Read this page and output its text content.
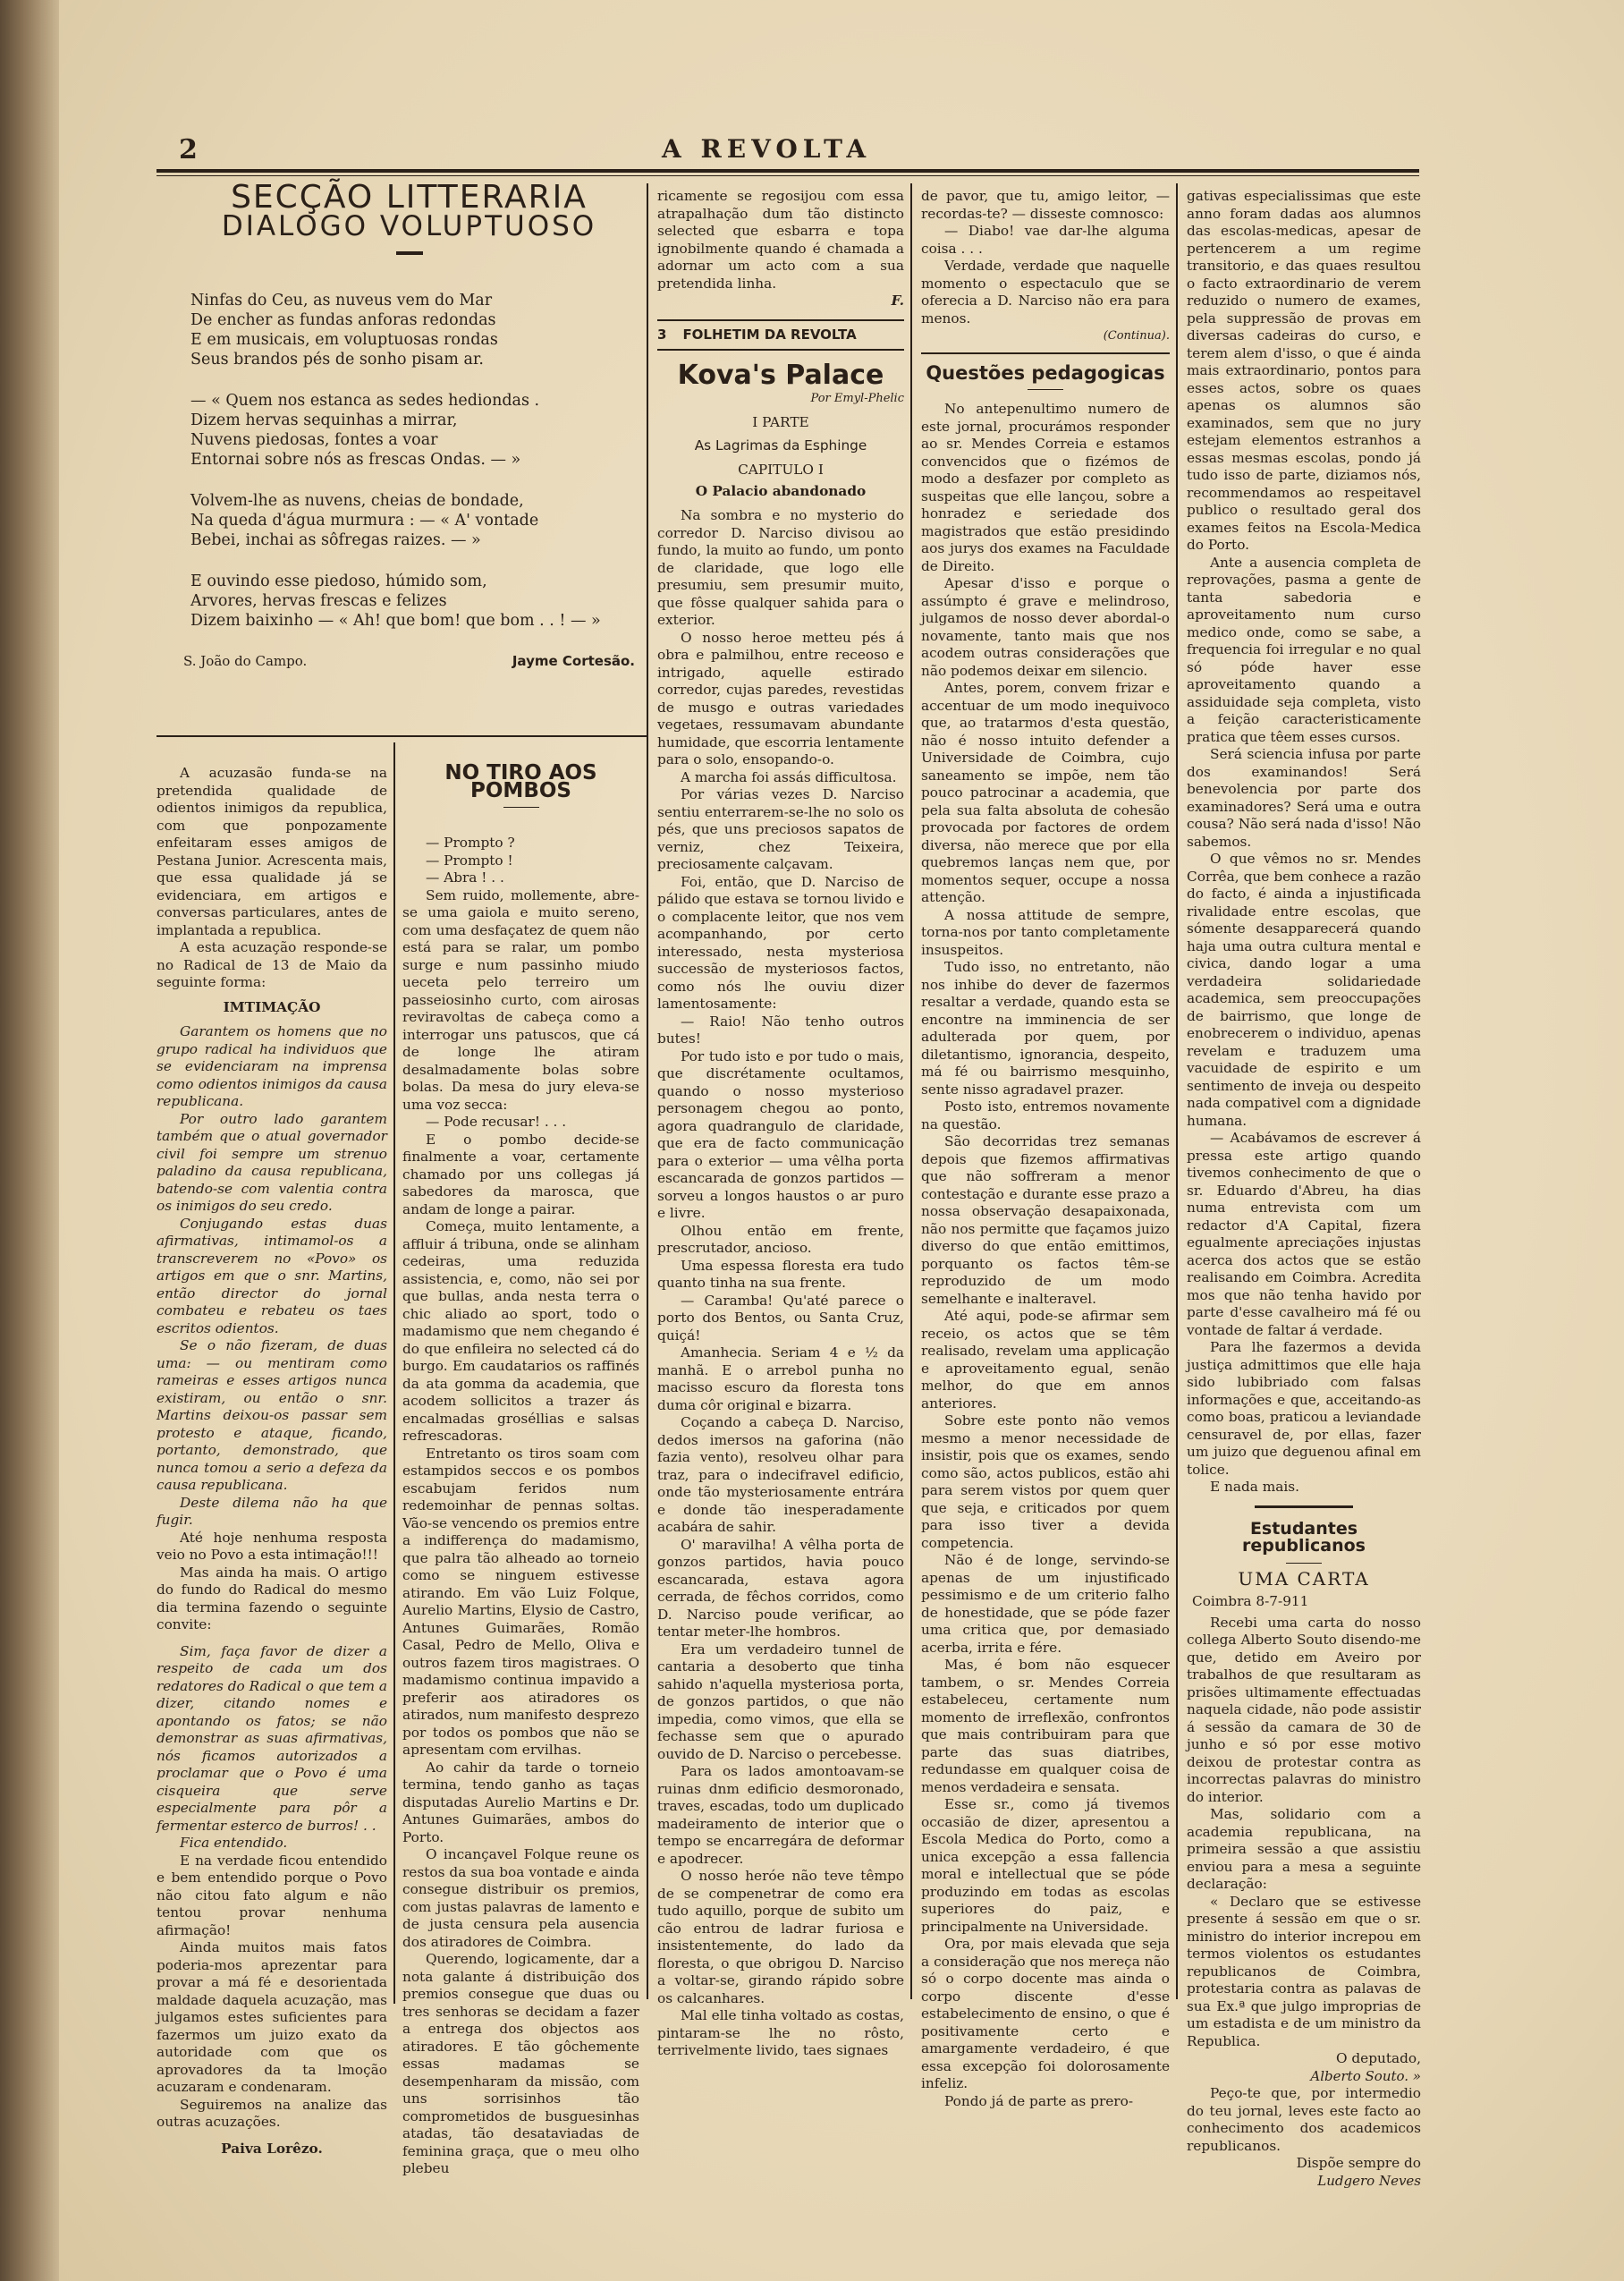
2	A REVOLTA
SECÇÃO LITTERARIA
DIALOGO VOLUPTUOSO

Ninfas do Ceu, as nuveus vem do Mar

De encher as fundas anforas redondas

E em musicais, em voluptuosas rondas

Seus brandos pés de sonho pisam ar.

— « Quem nos estanca as sedes hediondas .

Dizem hervas sequinhas a mirrar,

Nuvens piedosas, fontes a voar

Entornai sobre nós as frescas Ondas. — »

Volvem-lhe as nuvens, cheias de bondade,

Na queda d'água murmura : — « A' vontade

Bebei, inchai as sôfregas raizes. — »

E ouvindo esse piedoso, húmido som,

Arvores, hervas frescas e felizes

Dizem baixinho — « Ah! que bom! que bom . . ! — »

S. João do Campo.	Jayme Cortesão.

A acuzasão funda-se na pretendida qualidade de odientos inimigos da republica, com que ponpozamente enfeitaram esses amigos de Pestana Junior. Acrescenta mais, que essa qualidade já se evidenciara, em artigos e conversas particulares, antes de implantada a republica.

A esta acuzação responde-se no Radical de 13 de Maio da seguinte forma:

IMTIMAÇÃO

Garantem os homens que no grupo radical ha individuos que se evidenciaram na imprensa como odientos inimigos da causa republicana.

Por outro lado garantem também que o atual governador civil foi sempre um strenuo paladino da causa republicana, batendo-se com valentia contra os inimigos do seu credo.

Conjugando estas duas afirmativas, intimamol-os a transcreverem no «Povo» os artigos em que o snr. Martins, então director do jornal combateu e rebateu os taes escritos odientos.

Se o não fizeram, de duas uma: — ou mentiram como rameiras e esses artigos nunca existiram, ou então o snr. Martins deixou-os passar sem protesto e ataque, ficando, portanto, demonstrado, que nunca tomou a serio a defeza da causa republicana.

Deste dilema não ha que fugir.

Até hoje nenhuma resposta veio no Povo a esta intimação!!!

Mas ainda ha mais. O artigo do fundo do Radical do mesmo dia termina fazendo o seguinte convite:

Sim, faça favor de dizer a respeito de cada um dos redatores do Radical o que tem a dizer, citando nomes e apontando os fatos; se não demonstrar as suas afirmativas, nós ficamos autorizados a proclamar que o Povo é uma cisqueira que serve especialmente para pôr a fermentar esterco de burros! . .

Fica entendido.

E na verdade ficou entendido e bem entendido porque o Povo não citou fato algum e não tentou provar nenhuma afirmação!

Ainda muitos mais fatos poderia-mos aprezentar para provar a má fé e desorientada maldade daquela acuzação, mas julgamos estes suficientes para fazermos um juizo exato da autoridade com que os aprovadores da ta lmoção acuzaram e condenaram.

Seguiremos na analize das outras acuzações.

Paiva Lorêzo.

NO TIRO AOS POMBOS

— Prompto ?

— Prompto !

— Abra ! . .

Sem ruido, mollemente, abre-se uma gaiola e muito sereno, com uma desfaçatez de quem não está para se ralar, um pombo surge e num passinho miudo ueceta pelo terreiro um passeiosinho curto, com airosas reviravoltas de cabeça como a interrogar uns patuscos, que cá de longe lhe atiram desalmadamente bolas sobre bolas. Da mesa do jury eleva-se uma voz secca:

— Pode recusar! . . .

E o pombo decide-se finalmente a voar, certamente chamado por uns collegas já sabedores da marosca, que andam de longe a pairar.

Começa, muito lentamente, a affluir á tribuna, onde se alinham cedeiras, uma reduzida assistencia, e, como, não sei por que bullas, anda nesta terra o chic aliado ao sport, todo o madamismo que nem chegando é do que enfileira no selected cá do burgo. Em caudatarios os raffinés da ata gomma da academia, que acodem sollicitos a trazer ás encalmadas groséllias e salsas refrescadoras.

Entretanto os tiros soam com estampidos seccos e os pombos escabujam feridos num redemoinhar de pennas soltas. Vão-se vencendo os premios entre a indifferença do madamismo, que palra tão alheado ao torneio como se ninguem estivesse atirando. Em vão Luiz Folque, Aurelio Martins, Elysio de Castro, Antunes Guimarães, Romão Casal, Pedro de Mello, Oliva e outros fazem tiros magistraes. O madamismo continua impavido a preferir aos atiradores os atirados, num manifesto desprezo por todos os pombos que não se apresentam com ervilhas.

Ao cahir da tarde o torneio termina, tendo ganho as taças disputadas Aurelio Martins e Dr. Antunes Guimarães, ambos do Porto.

O incançavel Folque reune os restos da sua boa vontade e ainda consegue distribuir os premios, com justas palavras de lamento e de justa censura pela ausencia dos atiradores de Coimbra.

Querendo, logicamente, dar a nota galante á distribuição dos premios consegue que duas ou tres senhoras se decidam a fazer a entrega dos objectos aos atiradores. E tão gôchemente essas madamas se desempenharam da missão, com uns sorrisinhos tão comprometidos de busguesinhas atadas, tão desataviadas de feminina graça, que o meu olho plebeu

ricamente se regosijou com essa atrapalhação dum tão distincto selected que esbarra e topa ignobilmente quando é chamada a adornar um acto com a sua pretendida linha.

F.
3 FOLHETIM DA REVOLTA
Kova's Palace
Por Emyl-Phelic
I PARTE
As Lagrimas da Esphinge
CAPITULO I
O Palacio abandonado

Na sombra e no mysterio do corredor D. Narciso divisou ao fundo, la muito ao fundo, um ponto de claridade, que logo elle presumiu, sem presumir muito, que fôsse qualquer sahida para o exterior.

O nosso heroe metteu pés á obra e palmilhou, entre receoso e intrigado, aquelle estirado corredor, cujas paredes, revestidas de musgo e outras variedades vegetaes, ressumavam abundante humidade, que escorria lentamente para o solo, ensopando-o.

A marcha foi assás difficultosa.

Por várias vezes D. Narciso sentiu enterrarem-se-lhe no solo os pés, que uns preciosos sapatos de verniz, chez Teixeira, preciosamente calçavam.

Foi, então, que D. Narciso de pálido que estava se tornou livido e o complacente leitor, que nos vem acompanhando, por certo interessado, nesta mysteriosa successão de mysteriosos factos, como nós lhe ouviu dizer lamentosamente:

— Raio! Não tenho outros butes!

Por tudo isto e por tudo o mais, que discrétamente ocultamos, quando o nosso mysterioso personagem chegou ao ponto, agora quadrangulo de claridade, que era de facto communicação para o exterior — uma vêlha porta escancarada de gonzos partidos — sorveu a longos haustos o ar puro e livre.

Olhou então em frente, prescrutador, ancioso.

Uma espessa floresta era tudo quanto tinha na sua frente.

— Caramba! Qu'até parece o porto dos Bentos, ou Santa Cruz, quiçá!

Amanhecia. Seriam 4 e ½ da manhã. E o arrebol punha no macisso escuro da floresta tons duma côr original e bizarra.

Coçando a cabeça D. Narciso, dedos imersos na gaforina (não fazia vento), resolveu olhar para traz, para o indecifravel edificio, onde tão mysteriosamente entrára e donde tão inesperadamente acabára de sahir.

O' maravilha! A vêlha porta de gonzos partidos, havia pouco escancarada, estava agora cerrada, de fêchos corridos, como D. Narciso poude verificar, ao tentar meter-lhe hombros.

Era um verdadeiro tunnel de cantaria a desoberto que tinha sahido n'aquella mysteriosa porta, de gonzos partidos, o que não impedia, como vimos, que ella se fechasse sem que o apurado ouvido de D. Narciso o percebesse.

Para os lados amontoavam-se ruinas dnm edificio desmoronado, traves, escadas, todo um duplicado madeiramento de interior que o tempo se encarregára de deformar e apodrecer.

O nosso heróe não teve têmpo de se compenetrar de como era tudo aquillo, porque de subito um cão entrou de ladrar furiosa e insistentemente, do lado da floresta, o que obrigou D. Narciso a voltar-se, girando rápido sobre os calcanhares.

Mal elle tinha voltado as costas, pintaram-se lhe no rôsto, terrivelmente livido, taes signaes

de pavor, que tu, amigo leitor, — recordas-te? — disseste comnosco:

— Diabo! vae dar-lhe alguma coisa . . .

Verdade, verdade que naquelle momento o espectaculo que se oferecia a D. Narciso não era para menos.

(Continua).
Questões pedagogicas

No antepenultimo numero de este jornal, procurámos responder ao sr. Mendes Correia e estamos convencidos que o fizémos de modo a desfazer por completo as suspeitas que elle lançou, sobre a honradez e seriedade dos magistrados que estão presidindo aos jurys dos exames na Faculdade de Direito.

Apesar d'isso e porque o assúmpto é grave e melindroso, julgamos de nosso dever abordal-o novamente, tanto mais que nos acodem outras considerações que não podemos deixar em silencio.

Antes, porem, convem frizar e accentuar de um modo inequivoco que, ao tratarmos d'esta questão, não é nosso intuito defender a Universidade de Coimbra, cujo saneamento se impõe, nem tão pouco patrocinar a academia, que pela sua falta absoluta de cohesão provocada por factores de ordem diversa, não merece que por ella quebremos lanças nem que, por momentos sequer, occupe a nossa attenção.

A nossa attitude de sempre, torna-nos por tanto completamente insuspeitos.

Tudo isso, no entretanto, não nos inhibe do dever de fazermos resaltar a verdade, quando esta se encontre na imminencia de ser adulterada por quem, por diletantismo, ignorancia, despeito, má fé ou bairrismo mesquinho, sente nisso agradavel prazer.

Posto isto, entremos novamente na questão.

São decorridas trez semanas depois que fizemos affirmativas que não soffreram a menor contestação e durante esse prazo a nossa observação desapaixonada, não nos permitte que façamos juizo diverso do que então emittimos, porquanto os factos têm-se reproduzido de um modo semelhante e inalteravel.

Até aqui, pode-se afirmar sem receio, os actos que se têm realisado, revelam uma applicação e aproveitamento egual, senão melhor, do que em annos anteriores.

Sobre este ponto não vemos mesmo a menor necessidade de insistir, pois que os exames, sendo como são, actos publicos, estão ahi para serem vistos por quem quer que seja, e criticados por quem para isso tiver a devida competencia.

Não é de longe, servindo-se apenas de um injustificado pessimismo e de um criterio falho de honestidade, que se póde fazer uma critica que, por demasiado acerba, irrita e fére.

Mas, é bom não esquecer tambem, o sr. Mendes Correia estabeleceu, certamente num momento de irreflexão, confrontos que mais contribuiram para que parte das suas diatribes, redundasse em qualquer coisa de menos verdadeira e sensata.

Esse sr., como já tivemos occasião de dizer, apresentou a Escola Medica do Porto, como a unica excepção a essa fallencia moral e intellectual que se póde produzindo em todas as escolas superiores do paiz, e principalmente na Universidade.

Ora, por mais elevada que seja a consideração que nos mereça não só o corpo docente mas ainda o corpo discente d'esse estabelecimento de ensino, o que é positivamente certo e amargamente verdadeiro, é que essa excepção foi dolorosamente infeliz.

Pondo já de parte as prero-

gativas especialissimas que este anno foram dadas aos alumnos das escolas-medicas, apesar de pertencerem a um regime transitorio, e das quaes resultou o facto extraordinario de verem reduzido o numero de exames, pela suppressão de provas em diversas cadeiras do curso, e terem alem d'isso, o que é ainda mais extraordinario, pontos para esses actos, sobre os quaes apenas os alumnos são examinados, sem que no jury estejam elementos estranhos a essas mesmas escolas, pondo já tudo isso de parte, diziamos nós, recommendamos ao respeitavel publico o resultado geral dos exames feitos na Escola-Medica do Porto.

Ante a ausencia completa de reprovações, pasma a gente de tanta sabedoria e aproveitamento num curso medico onde, como se sabe, a frequencia foi irregular e no qual só póde haver esse aproveitamento quando a assiduidade seja completa, visto a feição caracteristicamente pratica que têem esses cursos.

Será sciencia infusa por parte dos examinandos! Será benevolencia por parte dos examinadores? Será uma e outra cousa? Não será nada d'isso! Não sabemos.

O que vêmos no sr. Mendes Corrêa, que bem conhece a razão do facto, é ainda a injustificada rivalidade entre escolas, que sómente desapparecerá quando haja uma outra cultura mental e civica, dando logar a uma verdadeira solidariedade academica, sem preoccupações de bairrismo, que longe de enobrecerem o individuo, apenas revelam e traduzem uma vacuidade de espirito e um sentimento de inveja ou despeito nada compativel com a dignidade humana.

— Acabávamos de escrever á pressa este artigo quando tivemos conhecimento de que o sr. Eduardo d'Abreu, ha dias numa entrevista com um redactor d'A Capital, fizera egualmente apreciações injustas acerca dos actos que se estão realisando em Coimbra. Acredita mos que não tenha havido por parte d'esse cavalheiro má fé ou vontade de faltar á verdade.

Para lhe fazermos a devida justiça admittimos que elle haja sido lubibriado com falsas informações e que, acceitando-as como boas, praticou a leviandade censuravel de, por ellas, fazer um juizo que deguenou afinal em tolice.

E nada mais.

Estudantes republicanos
UMA CARTA
Coimbra 8-7-911

Recebi uma carta do nosso collega Alberto Souto disendo-me que, detido em Aveiro por trabalhos de que resultaram as prisões ultimamente effectuadas naquela cidade, não pode assistir á sessão da camara de 30 de junho e só por esse motivo deixou de protestar contra as incorrectas palavras do ministro do interior.

Mas, solidario com a academia republicana, na primeira sessão a que assistiu enviou para a mesa a seguinte declaração:

« Declaro que se estivesse presente á sessão em que o sr. ministro do interior increpou em termos violentos os estudantes republicanos de Coimbra, protestaria contra as palavas de sua Ex.ª que julgo improprias de um estadista e de um ministro da Republica.

O deputado,

Alberto Souto. »

Peço-te que, por intermedio do teu jornal, leves este facto ao conhecimento dos academicos republicanos.

Dispõe sempre do

Ludgero Neves
